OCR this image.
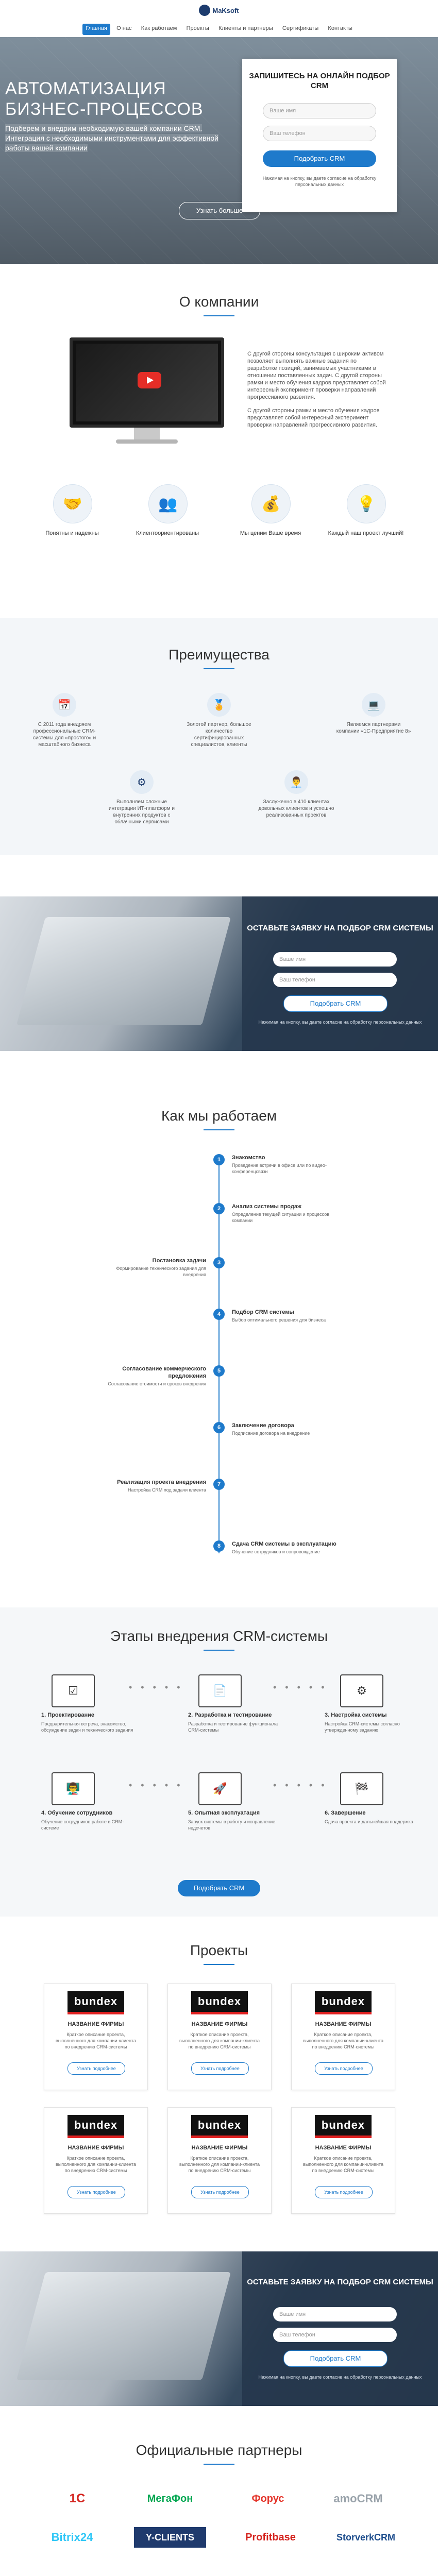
MaKsoft
Главная	О нас	Как работаем	Проекты	Клиенты и партнеры	Сертификаты	Контакты
АВТОМАТИЗАЦИЯ
БИЗНЕС-ПРОЦЕССОВ
Подберем и внедрим необходимую вашей компании CRM. Интеграция с необходимыми инструментами для эффективной работы вашей компании
ЗАПИШИТЕСЬ НА ОНЛАЙН ПОДБОР CRM
Ваше имя
Ваш телефон
Подобрать CRM
Нажимая на кнопку, вы даете согласие на обработку персональных данных
Узнать больше
О компании

С другой стороны консультация с широким активом позволяет выполнять важные задания по разработке позиций, занимаемых участниками в отношении поставленных задач. С другой стороны рамки и место обучения кадров представляет собой интересный эксперимент проверки направлений прогрессивного развития.

С другой стороны рамки и место обучения кадров представляет собой интересный эксперимент проверки направлений прогрессивного развития.

🤝
Понятны и надежны
👥
Клиентоориентированы
💰
Мы ценим Ваше время
💡
Каждый наш проект лучший!
Преимущества
📅
С 2011 года внедряем профессиональные CRM-системы для «простого» и масштабного бизнеса
🏅
Золотой партнер, большое количество сертифицированных специалистов, клиенты
💻
Являемся партнерами компании «1С-Предприятие 8»
⚙
Выполняем сложные интеграции ИТ-платформ и внутренних продуктов с облачными сервисами
👨‍💼
Заслуженно в 410 клиентах довольных клиентов и успешно реализованных проектов
ОСТАВЬТЕ ЗАЯВКУ НА ПОДБОР CRM СИСТЕМЫ
Ваше имя
Ваш телефон
Подобрать CRM
Нажимая на кнопку, вы даете согласие на обработку персональных данных
Как мы работаем
1	Знакомство
Проведение встречи в офисе или по видео-конференцсвязи
2	Анализ системы продаж
Определение текущей ситуации и процессов компании
3
Постановка задачи
Формирование технического задания для внедрения
4	Подбор CRM системы
Выбор оптимального решения для бизнеса
5
Согласование коммерческого предложения
Согласование стоимости и сроков внедрения
6	Заключение договора
Подписание договора на внедрение
7
Реализация проекта внедрения
Настройка CRM под задачи клиента
8	Сдача CRM системы в эксплуатацию
Обучение сотрудников и сопровождение
Этапы внедрения CRM-системы
☑	• • • • •
1. Проектирование
Предварительная встреча, знакомство, обсуждение задач и технического задания
📄	• • • • •
2. Разработка и тестирование
Разработка и тестирование функционала CRM-системы
⚙
3. Настройка системы
Настройка CRM-системы согласно утвержденному заданию
👨‍🏫	• • • • •
4. Обучение сотрудников
Обучение сотрудников работе в CRM-системе
🚀	• • • • •
5. Опытная эксплуатация
Запуск системы в работу и исправление недочетов
🏁
6. Завершение
Сдача проекта и дальнейшая поддержка
Подобрать CRM
Проекты
bundex
НАЗВАНИЕ ФИРМЫ
Краткое описание проекта, выполненного для компании-клиента по внедрению CRM-системы
Узнать подробнее
bundex
НАЗВАНИЕ ФИРМЫ
Краткое описание проекта, выполненного для компании-клиента по внедрению CRM-системы
Узнать подробнее
bundex
НАЗВАНИЕ ФИРМЫ
Краткое описание проекта, выполненного для компании-клиента по внедрению CRM-системы
Узнать подробнее
bundex
НАЗВАНИЕ ФИРМЫ
Краткое описание проекта, выполненного для компании-клиента по внедрению CRM-системы
Узнать подробнее
bundex
НАЗВАНИЕ ФИРМЫ
Краткое описание проекта, выполненного для компании-клиента по внедрению CRM-системы
Узнать подробнее
bundex
НАЗВАНИЕ ФИРМЫ
Краткое описание проекта, выполненного для компании-клиента по внедрению CRM-системы
Узнать подробнее
ОСТАВЬТЕ ЗАЯВКУ НА ПОДБОР CRM СИСТЕМЫ
Ваше имя
Ваш телефон
Подобрать CRM
Нажимая на кнопку, вы даете согласие на обработку персональных данных
Официальные партнеры
1С	МегаФон	Форус	amoCRM
Bitrix24	Y-CLIENTS	Profitbase	StorverkCRM
